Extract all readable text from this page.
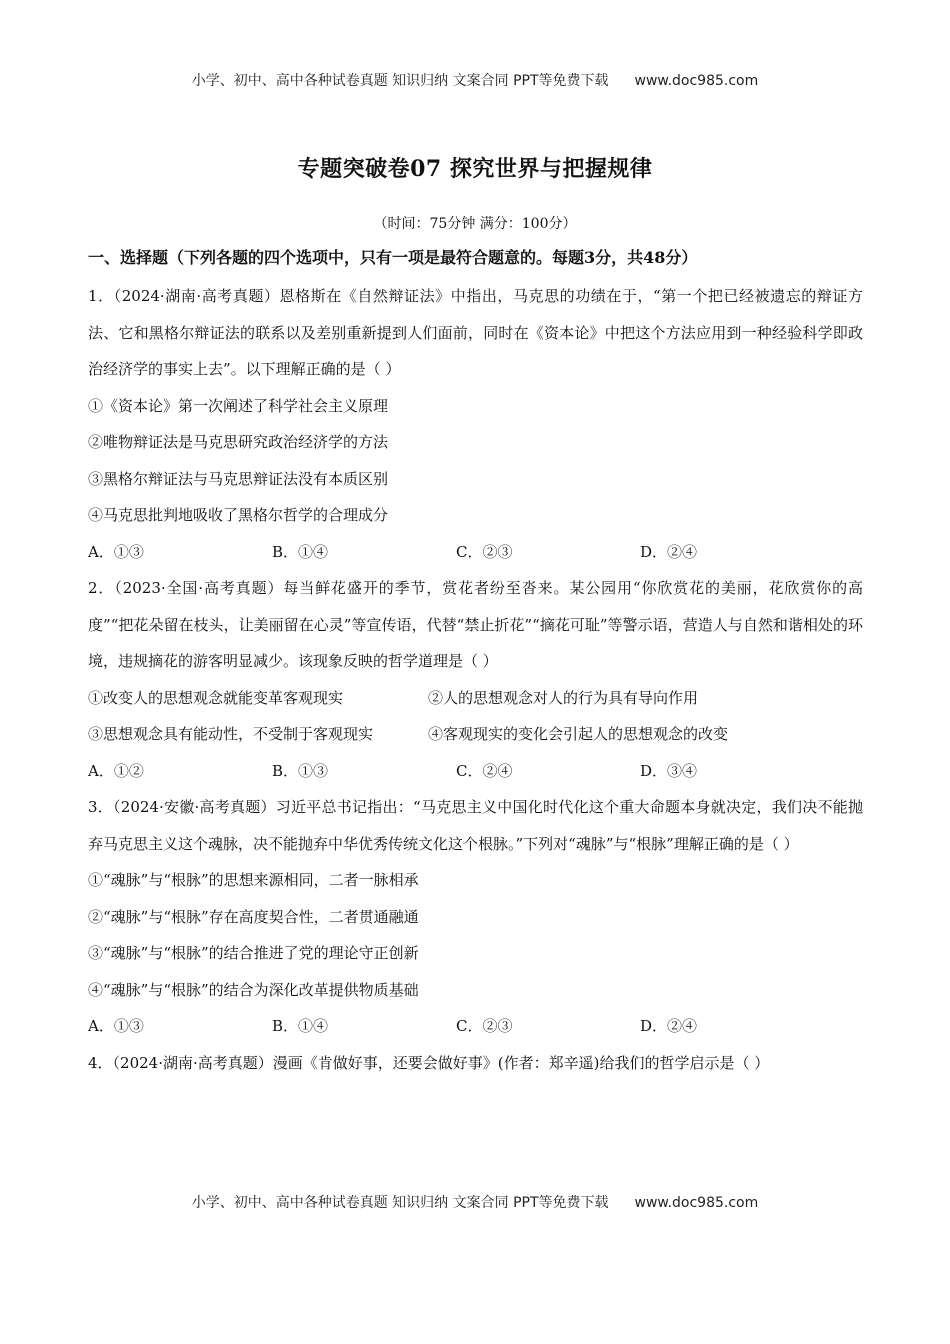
小学、初中、高中各种试卷真题 知识归纳 文案合同 PPT等免费下载 www.doc985.com
专题突破卷07 探究世界与把握规律
（时间：75分钟 满分：100分）
一、选择题（下列各题的四个选项中，只有一项是最符合题意的。每题3分，共48分）
1．（2024·湖南·高考真题）恩格斯在《自然辩证法》中指出，马克思的功绩在于，“第一个把已经被遗忘的辩证方法、它和黑格尔辩证法的联系以及差别重新提到人们面前，同时在《资本论》中把这个方法应用到一种经验科学即政治经济学的事实上去”。以下理解正确的是（ ）
①《资本论》第一次阐述了科学社会主义原理
②唯物辩证法是马克思研究政治经济学的方法
③黑格尔辩证法与马克思辩证法没有本质区别
④马克思批判地吸收了黑格尔哲学的合理成分
A．①③	B．①④	C．②③	D．②④
2．（2023·全国·高考真题）每当鲜花盛开的季节，赏花者纷至沓来。某公园用“你欣赏花的美丽，花欣赏你的高度”“把花朵留在枝头，让美丽留在心灵”等宣传语，代替“禁止折花”“摘花可耻”等警示语，营造人与自然和谐相处的环境，违规摘花的游客明显减少。该现象反映的哲学道理是（ ）
①改变人的思想观念就能变革客观现实	②人的思想观念对人的行为具有导向作用
③思想观念具有能动性，不受制于客观现实	④客观现实的变化会引起人的思想观念的改变
A．①②	B．①③	C．②④	D．③④
3．（2024·安徽·高考真题）习近平总书记指出：“马克思主义中国化时代化这个重大命题本身就决定，我们决不能抛弃马克思主义这个魂脉，决不能抛弃中华优秀传统文化这个根脉。”下列对“魂脉”与“根脉”理解正确的是（ ）
①“魂脉”与“根脉”的思想来源相同，二者一脉相承
②“魂脉”与“根脉”存在高度契合性，二者贯通融通
③“魂脉”与“根脉”的结合推进了党的理论守正创新
④“魂脉”与“根脉”的结合为深化改革提供物质基础
A．①③	B．①④	C．②③	D．②④
4．（2024·湖南·高考真题）漫画《肯做好事，还要会做好事》(作者：郑辛遥)给我们的哲学启示是（ ）
小学、初中、高中各种试卷真题 知识归纳 文案合同 PPT等免费下载 www.doc985.com
